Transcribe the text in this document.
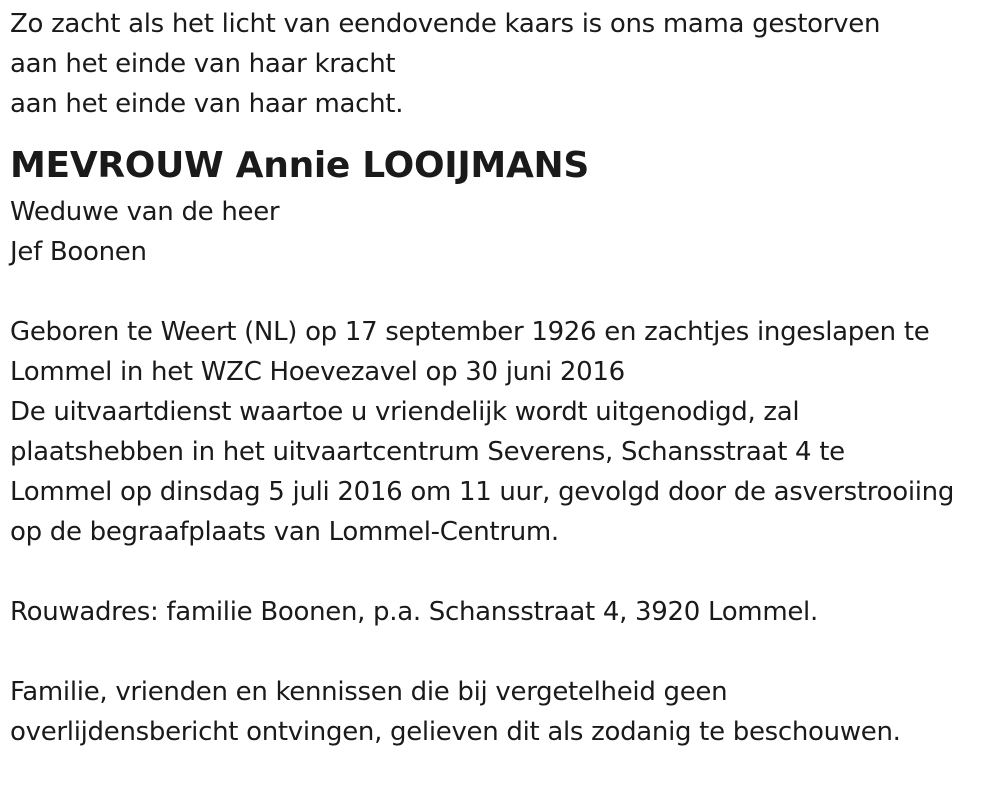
Zo zacht als het licht van eendovende kaars is ons mama gestorven
aan het einde van haar kracht
aan het einde van haar macht.
MEVROUW Annie LOOIJMANS
Weduwe van de heer
Jef Boonen
Geboren te Weert (NL) op 17 september 1926 en zachtjes ingeslapen te
Lommel in het WZC Hoevezavel op 30 juni 2016
De uitvaartdienst waartoe u vriendelijk wordt uitgenodigd, zal
plaatshebben in het uitvaartcentrum Severens, Schansstraat 4 te
Lommel op dinsdag 5 juli 2016 om 11 uur, gevolgd door de asverstrooiing
op de begraafplaats van Lommel-Centrum.
Rouwadres: familie Boonen, p.a. Schansstraat 4, 3920 Lommel.
Familie, vrienden en kennissen die bij vergetelheid geen
overlijdensbericht ontvingen, gelieven dit als zodanig te beschouwen.
